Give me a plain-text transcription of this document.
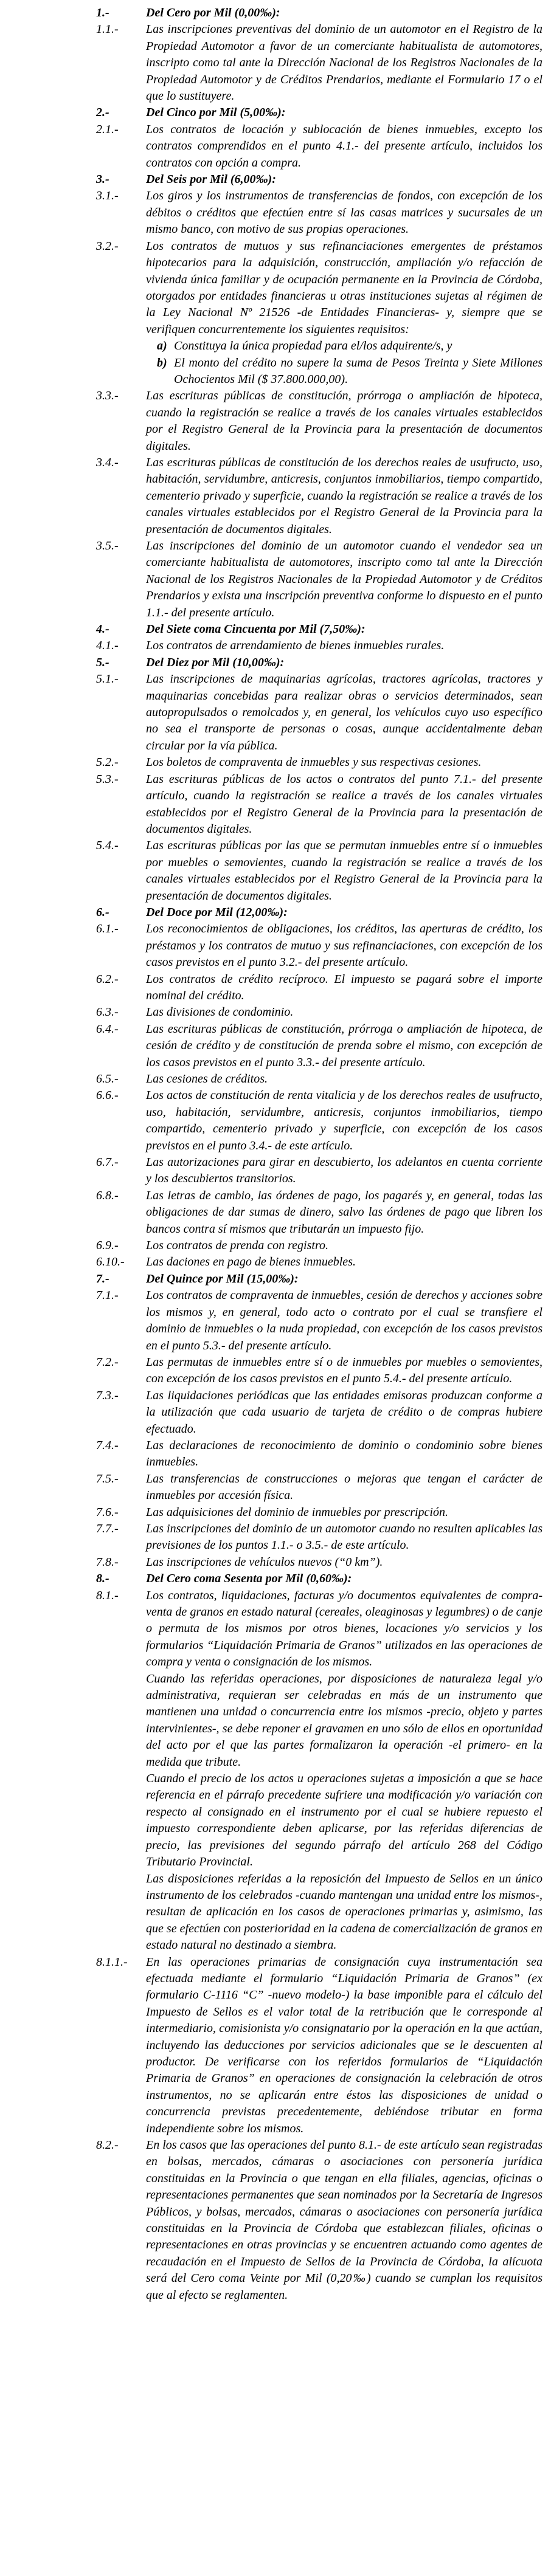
1.-	Del Cero por Mil (0,00‰):
1.1.-	Las inscripciones preventivas del dominio de un automotor en el Registro de la Propiedad Automotor a favor de un comerciante habitualista de automotores, inscripto como tal ante la Dirección Nacional de los Registros Nacionales de la Propiedad Automotor y de Créditos Prendarios, mediante el Formulario 17 o el que lo sustituyere.
2.-	Del Cinco por Mil (5,00‰):
2.1.-	Los contratos de locación y sublocación de bienes inmuebles, excepto los contratos comprendidos en el punto 4.1.- del presente artículo, incluidos los contratos con opción a compra.
3.-	Del Seis por Mil (6,00‰):
3.1.-	Los giros y los instrumentos de transferencias de fondos, con excepción de los débitos o créditos que efectúen entre sí las casas matrices y sucursales de un mismo banco, con motivo de sus propias operaciones.
3.2.-	Los contratos de mutuos y sus refinanciaciones emergentes de préstamos hipotecarios para la adquisición, construcción, ampliación y/o refacción de vivienda única familiar y de ocupación permanente en la Provincia de Córdoba, otorgados por entidades financieras u otras instituciones sujetas al régimen de la Ley Nacional Nº 21526 -de Entidades Financieras- y, siempre que se verifiquen concurrentemente los siguientes requisitos:
a) Constituya la única propiedad para el/los adquirente/s, y
b) El monto del crédito no supere la suma de Pesos Treinta y Siete Millones Ochocientos Mil ($ 37.800.000,00).
3.3.-	Las escrituras públicas de constitución, prórroga o ampliación de hipoteca, cuando la registración se realice a través de los canales virtuales establecidos por el Registro General de la Provincia para la presentación de documentos digitales.
3.4.-	Las escrituras públicas de constitución de los derechos reales de usufructo, uso, habitación, servidumbre, anticresis, conjuntos inmobiliarios, tiempo compartido, cementerio privado y superficie, cuando la registración se realice a través de los canales virtuales establecidos por el Registro General de la Provincia para la presentación de documentos digitales.
3.5.-	Las inscripciones del dominio de un automotor cuando el vendedor sea un comerciante habitualista de automotores, inscripto como tal ante la Dirección Nacional de los Registros Nacionales de la Propiedad Automotor y de Créditos Prendarios y exista una inscripción preventiva conforme lo dispuesto en el punto 1.1.- del presente artículo.
4.-	Del Siete coma Cincuenta por Mil (7,50‰):
4.1.-	Los contratos de arrendamiento de bienes inmuebles rurales.
5.-	Del Diez por Mil (10,00‰):
5.1.-	Las inscripciones de maquinarias agrícolas, tractores agrícolas, tractores y maquinarias concebidas para realizar obras o servicios determinados, sean autopropulsados o remolcados y, en general, los vehículos cuyo uso específico no sea el transporte de personas o cosas, aunque accidentalmente deban circular por la vía pública.
5.2.-	Los boletos de compraventa de inmuebles y sus respectivas cesiones.
5.3.-	Las escrituras públicas de los actos o contratos del punto 7.1.- del presente artículo, cuando la registración se realice a través de los canales virtuales establecidos por el Registro General de la Provincia para la presentación de documentos digitales.
5.4.-	Las escrituras públicas por las que se permutan inmuebles entre sí o inmuebles por muebles o semovientes, cuando la registración se realice a través de los canales virtuales establecidos por el Registro General de la Provincia para la presentación de documentos digitales.
6.-	Del Doce por Mil (12,00‰):
6.1.-	Los reconocimientos de obligaciones, los créditos, las aperturas de crédito, los préstamos y los contratos de mutuo y sus refinanciaciones, con excepción de los casos previstos en el punto 3.2.- del presente artículo.
6.2.-	Los contratos de crédito recíproco. El impuesto se pagará sobre el importe nominal del crédito.
6.3.-	Las divisiones de condominio.
6.4.-	Las escrituras públicas de constitución, prórroga o ampliación de hipoteca, de cesión de crédito y de constitución de prenda sobre el mismo, con excepción de los casos previstos en el punto 3.3.- del presente artículo.
6.5.-	Las cesiones de créditos.
6.6.-	Los actos de constitución de renta vitalicia y de los derechos reales de usufructo, uso, habitación, servidumbre, anticresis, conjuntos inmobiliarios, tiempo compartido, cementerio privado y superficie, con excepción de los casos previstos en el punto 3.4.- de este artículo.
6.7.-	Las autorizaciones para girar en descubierto, los adelantos en cuenta corriente y los descubiertos transitorios.
6.8.-	Las letras de cambio, las órdenes de pago, los pagarés y, en general, todas las obligaciones de dar sumas de dinero, salvo las órdenes de pago que libren los bancos contra sí mismos que tributarán un impuesto fijo.
6.9.-	Los contratos de prenda con registro.
6.10.-	Las daciones en pago de bienes inmuebles.
7.-	Del Quince por Mil (15,00‰):
7.1.-	Los contratos de compraventa de inmuebles, cesión de derechos y acciones sobre los mismos y, en general, todo acto o contrato por el cual se transfiere el dominio de inmuebles o la nuda propiedad, con excepción de los casos previstos en el punto 5.3.- del presente artículo.
7.2.-	Las permutas de inmuebles entre sí o de inmuebles por muebles o semovientes, con excepción de los casos previstos en el punto 5.4.- del presente artículo.
7.3.-	Las liquidaciones periódicas que las entidades emisoras produzcan conforme a la utilización que cada usuario de tarjeta de crédito o de compras hubiere efectuado.
7.4.-	Las declaraciones de reconocimiento de dominio o condominio sobre bienes inmuebles.
7.5.-	Las transferencias de construcciones o mejoras que tengan el carácter de inmuebles por accesión física.
7.6.-	Las adquisiciones del dominio de inmuebles por prescripción.
7.7.-	Las inscripciones del dominio de un automotor cuando no resulten aplicables las previsiones de los puntos 1.1.- o 3.5.- de este artículo.
7.8.-	Las inscripciones de vehículos nuevos (“0 km”).
8.-	Del Cero coma Sesenta por Mil (0,60‰):
8.1.-	Los contratos, liquidaciones, facturas y/o documentos equivalentes de compra-venta de granos en estado natural (cereales, oleaginosas y legumbres) o de canje o permuta de los mismos por otros bienes, locaciones y/o servicios y los formularios “Liquidación Primaria de Granos” utilizados en las operaciones de compra y venta o consignación de los mismos.
Cuando las referidas operaciones, por disposiciones de naturaleza legal y/o administrativa, requieran ser celebradas en más de un instrumento que mantienen una unidad o concurrencia entre los mismos -precio, objeto y partes intervinientes-, se debe reponer el gravamen en uno sólo de ellos en oportunidad del acto por el que las partes formalizaron la operación -el primero- en la medida que tribute.
Cuando el precio de los actos u operaciones sujetas a imposición a que se hace referencia en el párrafo precedente sufriere una modificación y/o variación con respecto al consignado en el instrumento por el cual se hubiere repuesto el impuesto correspondiente deben aplicarse, por las referidas diferencias de precio, las previsiones del segundo párrafo del artículo 268 del Código Tributario Provincial.
Las disposiciones referidas a la reposición del Impuesto de Sellos en un único instrumento de los celebrados -cuando mantengan una unidad entre los mismos-, resultan de aplicación en los casos de operaciones primarias y, asimismo, las que se efectúen con posterioridad en la cadena de comercialización de granos en estado natural no destinado a siembra.
8.1.1.-	En las operaciones primarias de consignación cuya instrumentación sea efectuada mediante el formulario “Liquidación Primaria de Granos” (ex formulario C-1116 “C” -nuevo modelo-) la base imponible para el cálculo del Impuesto de Sellos es el valor total de la retribución que le corresponde al intermediario, comisionista y/o consignatario por la operación en la que actúan, incluyendo las deducciones por servicios adicionales que se le descuenten al productor. De verificarse con los referidos formularios de “Liquidación Primaria de Granos” en operaciones de consignación la celebración de otros instrumentos, no se aplicarán entre éstos las disposiciones de unidad o concurrencia previstas precedentemente, debiéndose tributar en forma independiente sobre los mismos.
8.2.-	En los casos que las operaciones del punto 8.1.- de este artículo sean registradas en bolsas, mercados, cámaras o asociaciones con personería jurídica constituidas en la Provincia o que tengan en ella filiales, agencias, oficinas o representaciones permanentes que sean nominados por la Secretaría de Ingresos Públicos, y bolsas, mercados, cámaras o asociaciones con personería jurídica constituidas en la Provincia de Córdoba que establezcan filiales, oficinas o representaciones en otras provincias y se encuentren actuando como agentes de recaudación en el Impuesto de Sellos de la Provincia de Córdoba, la alícuota será del Cero coma Veinte por Mil (0,20‰) cuando se cumplan los requisitos que al efecto se reglamenten.
